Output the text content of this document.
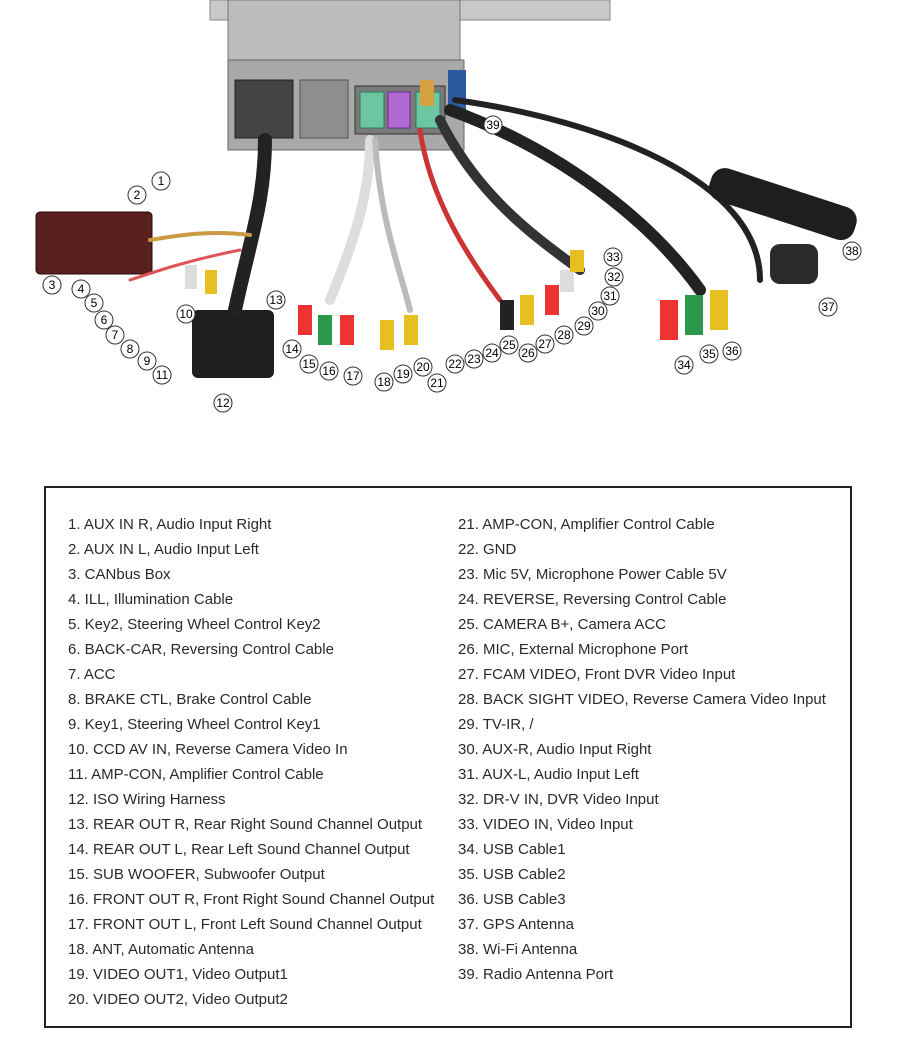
1
2
3 4
5
6
7
8
9
10
11
12
13
14
15 16 17 18
19 20
21
22 23 24
25
26
27
28
29
30
31
32
33
34
35 36
37
38
39
1. AUX IN R, Audio Input Right
2. AUX IN L, Audio Input Left
3. CANbus Box
4. ILL, Illumination Cable
5. Key2, Steering Wheel Control Key2
6. BACK-CAR, Reversing Control Cable
7. ACC
8. BRAKE CTL, Brake Control Cable
9. Key1, Steering Wheel Control Key1
10. CCD AV IN, Reverse Camera Video In
11. AMP-CON, Amplifier Control Cable
12. ISO Wiring Harness
13. REAR OUT R, Rear Right Sound Channel Output
14. REAR OUT L, Rear Left Sound Channel Output
15. SUB WOOFER, Subwoofer Output
16. FRONT OUT R, Front Right Sound Channel Output
17. FRONT OUT L, Front Left Sound Channel Output
18. ANT, Automatic Antenna
19. VIDEO OUT1, Video Output1
20. VIDEO OUT2, Video Output2
21. AMP-CON, Amplifier Control Cable
22. GND
23. Mic 5V, Microphone Power Cable 5V
24. REVERSE, Reversing Control Cable
25. CAMERA B+, Camera ACC
26. MIC, External Microphone Port
27. FCAM VIDEO, Front DVR Video Input
28. BACK SIGHT VIDEO, Reverse Camera Video Input
29. TV-IR, /
30. AUX-R, Audio Input Right
31. AUX-L, Audio Input Left
32. DR-V IN, DVR Video Input
33. VIDEO IN, Video Input
34. USB Cable1
35. USB Cable2
36. USB Cable3
37. GPS Antenna
38. Wi-Fi Antenna
39. Radio Antenna Port
